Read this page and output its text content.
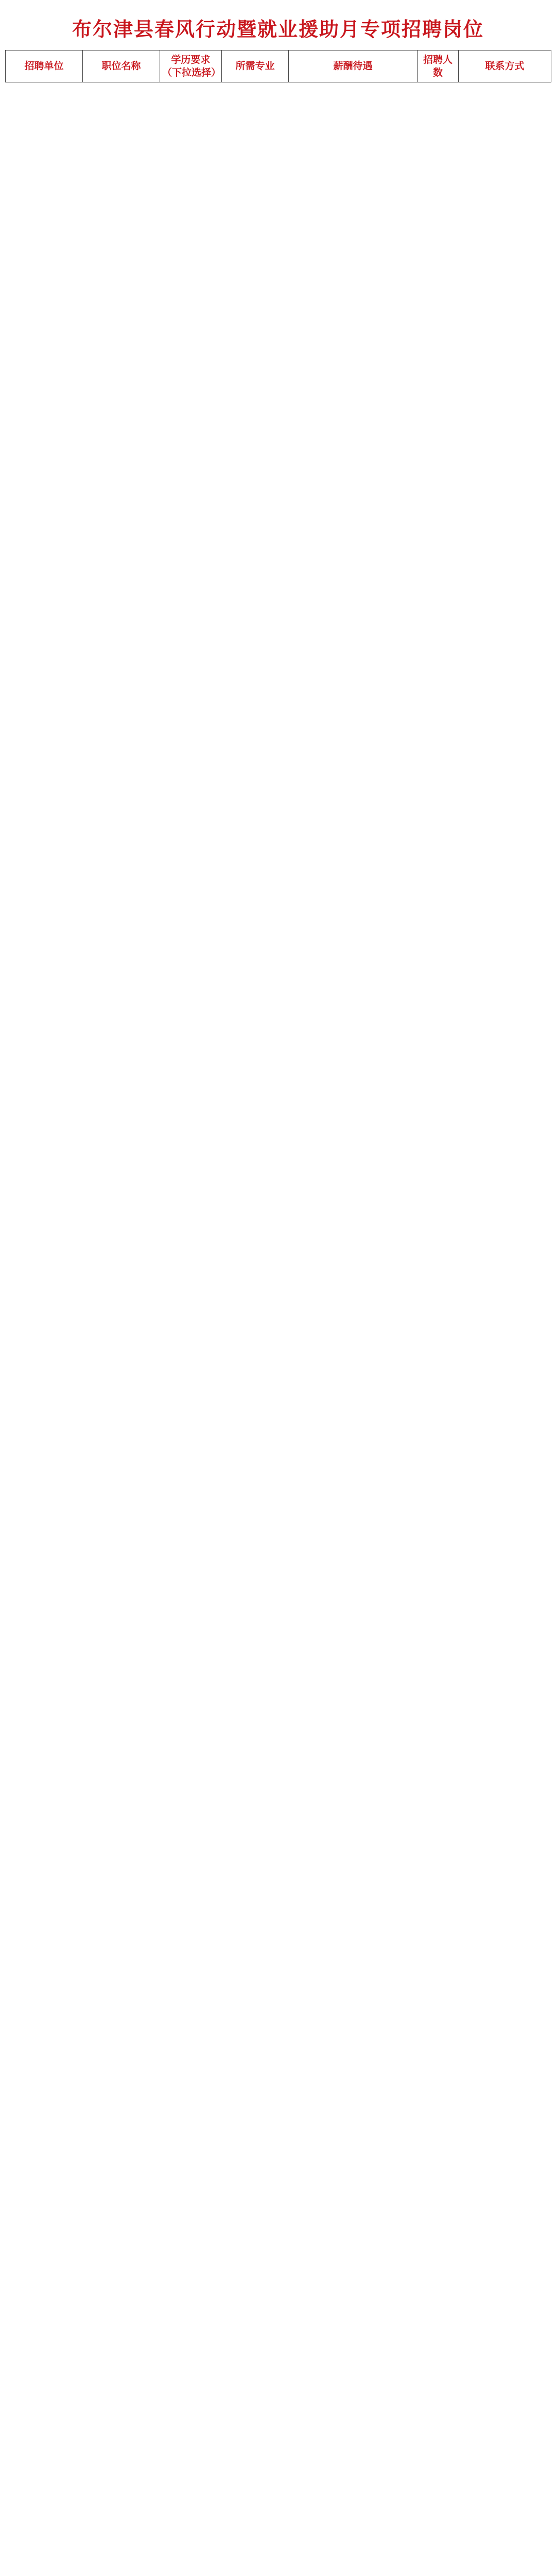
布尔津县春风行动暨就业援助月专项招聘岗位
招聘单位	职位名称	学历要求（下拉选择）	所需专业	薪酬待遇	招聘人数	联系方式
